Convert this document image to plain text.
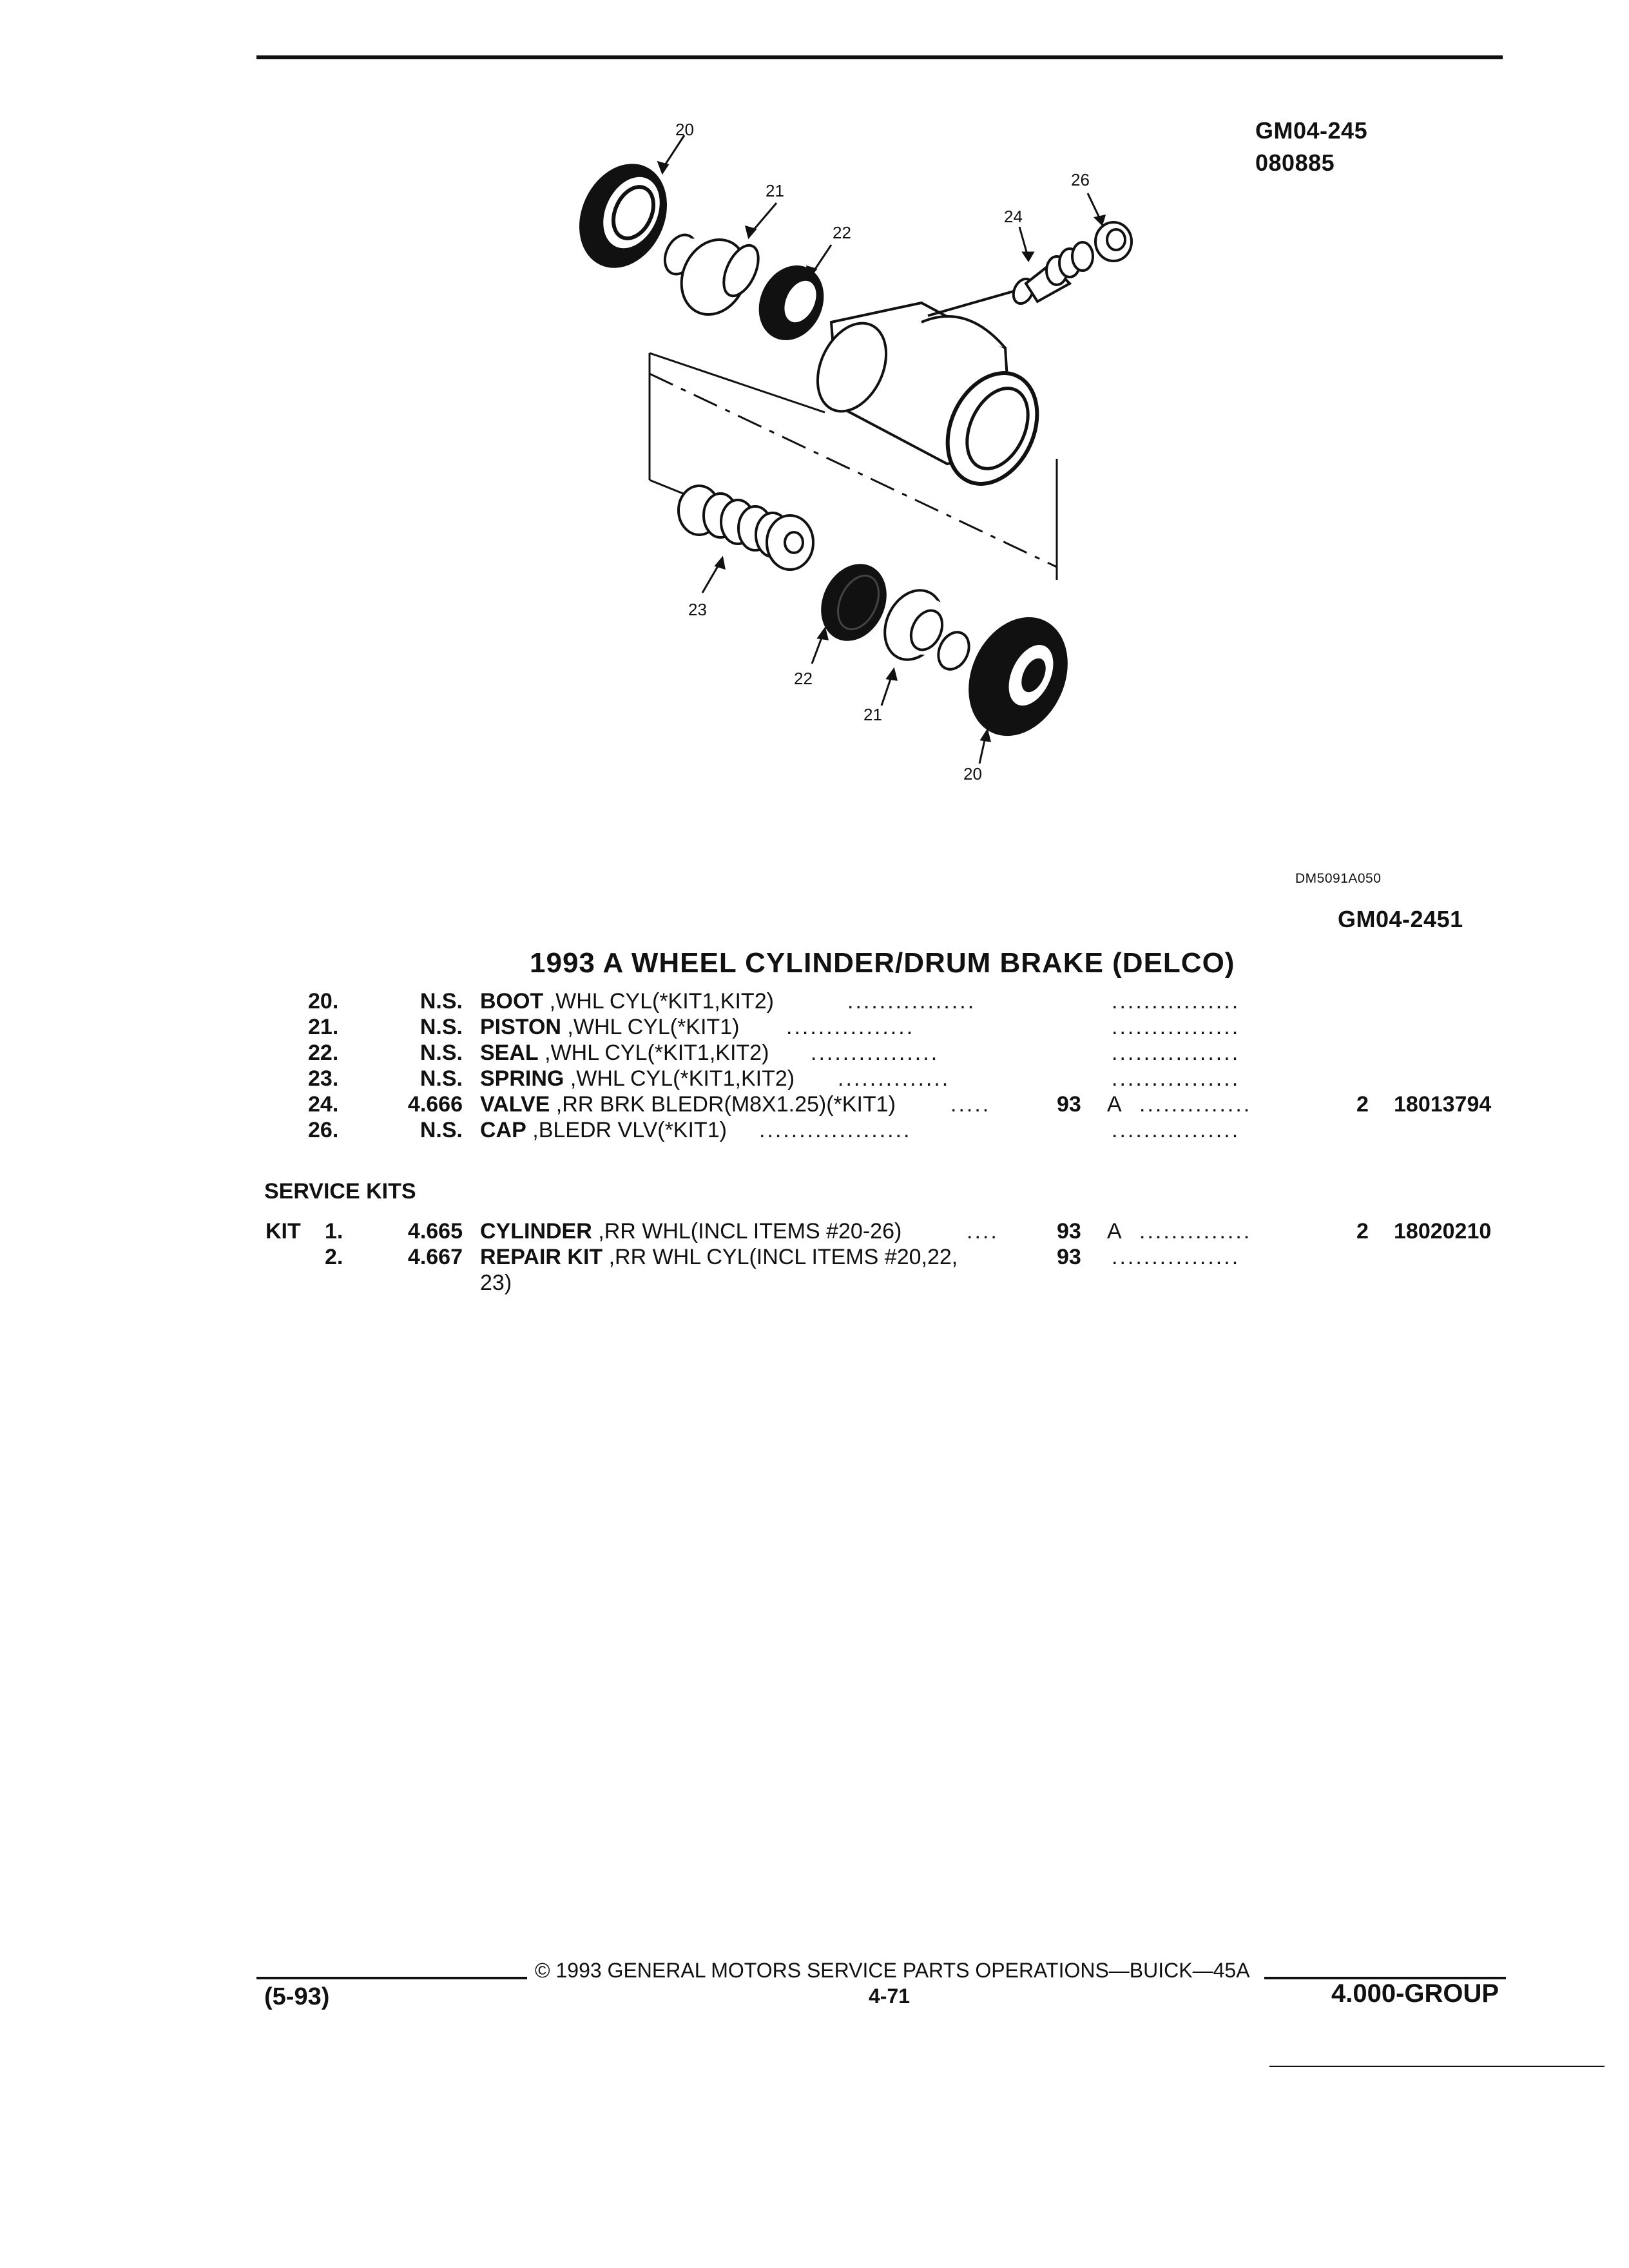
GM04-245
080885
20
21
22
24
26
23
22
21
20
DM5091A050
GM04-2451
1993 A WHEEL CYLINDER/DRUM BRAKE (DELCO)
20.	N.S. BOOT ,WHL CYL(*KIT1,KIT2)	................	................
21.	N.S. PISTON ,WHL CYL(*KIT1) ................	................
22.	N.S. SEAL ,WHL CYL(*KIT1,KIT2) ................	................
23.	N.S. SPRING ,WHL CYL(*KIT1,KIT2) ..............	................
24.	4.666 VALVE ,RR BRK BLEDR(M8X1.25)(*KIT1)	.....	93 A ..............	2 18013794
26.	N.S. CAP ,BLEDR VLV(*KIT1) ...................	................
SERVICE KITS
KIT 1.	4.665 CYLINDER ,RR WHL(INCL ITEMS #20-26)	....	93 A ..............	2 18020210
2.	4.667 REPAIR KIT ,RR WHL CYL(INCL ITEMS #20,22,	93 ................
23)
© 1993 GENERAL MOTORS SERVICE PARTS OPERATIONS—BUICK—45A
(5-93)	4-71	4.000-GROUP
